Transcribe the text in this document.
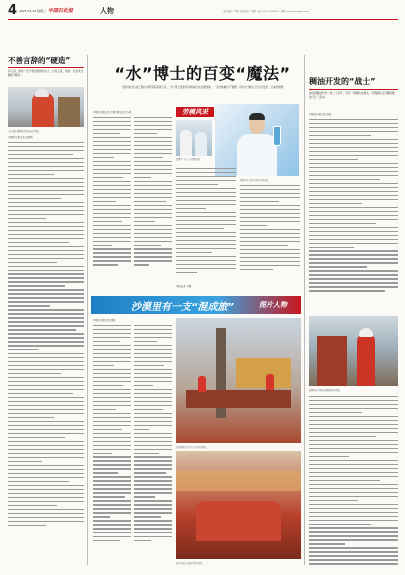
4 2025.12.24 星期三 中国石化报	人物	责任编辑 / 马丽 · 版式设计 / 王鹏 · 电话 010-59963000 · 邮箱 renwu@sinopec.com
不善言辞的“硬造”
有人说，他是一名不善言辞的老实人；也有人说，他是一名技术过硬的“硬造”。
李志强在现场检查设备运行情况。
中国石化报记者 赵春明
“水”博士的百变“魔法”
胜利油田石油工程技术研究院高级专家、“水”博士张建军深耕油田水处理领域，一次次破解生产难题，用技术“魔法”让污水变清、让油田增效
中国石化报记者 王鹏 特约记者 李华	劳模风采
张建军在实验室观察水样变化。
张建军（右）与同事讨论
本报记者 王鹏
稠油开发的“战士”
他扎根稠油开发一线二十余年，攻克一项项技术难关，带领团队让沉睡的稠油“活”了起来。
中国石化报记者 孙伟
刘建国在井场查看稠油开采情况。
沙漠里有一支“混成旅”	图片人物
中国石化报记者 周明
沙漠腹地钻井平台上的作业场景。
钻井队员在沙漠中坚守岗位。
